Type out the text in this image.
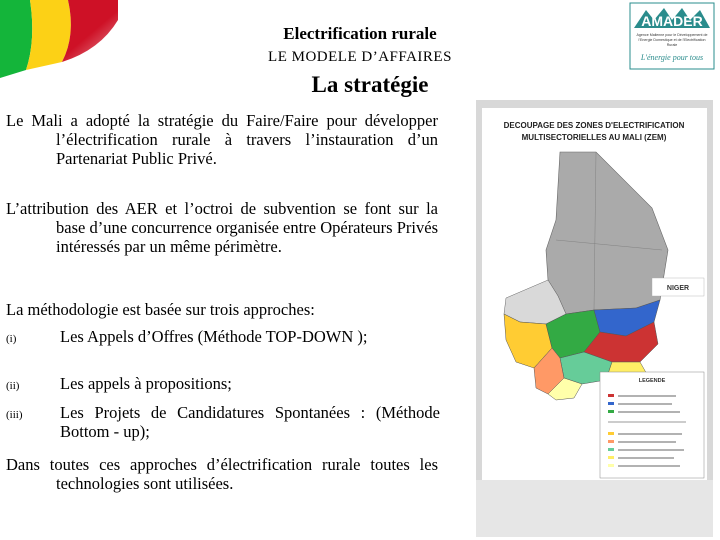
Electrification rurale
LE MODELE D’AFFAIRES
La stratégie
AMADER
Agence Malienne pour le Développement de
l'Energie Domestique et de l'Electrification
Rurale
L'énergie pour tous
Le Mali a adopté la stratégie du Faire/Faire pour développer l’électrification rurale à travers l’instauration d’un Partenariat Public Privé.
L’attribution des AER et l’octroi de subvention se font sur la base d’une concurrence organisée entre Opérateurs Privés intéressés par un même périmètre.
La méthodologie est basée sur trois approches:
(i)	Les Appels d’Offres (Méthode TOP-DOWN );
(ii) Les appels à propositions;
(iii) Les Projets de Candidatures Spontanées : (Méthode Bottom - up);
Dans toutes ces approches d’électrification rurale toutes les technologies sont utilisées.
DECOUPAGE DES ZONES D'ELECTRIFICATION
MULTISECTORIELLES AU MALI (ZEM)
NIGER
LEGENDE
